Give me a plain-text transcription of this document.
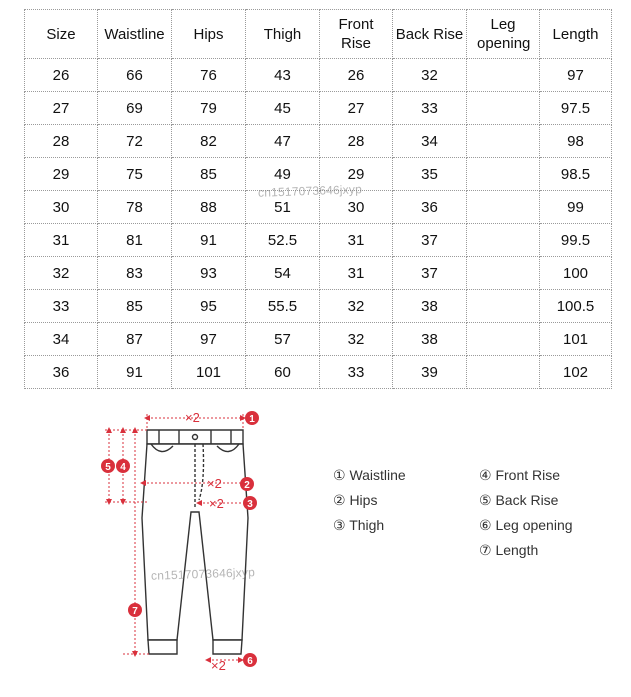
Size	Waistline	Hips	Thigh	Front Rise	Back Rise	Leg opening	Length
26	66	76	43	26	32		97
27	69	79	45	27	33		97.5
28	72	82	47	28	34		98
29	75	85	49	29	35		98.5
30	78	88	51	30	36		99
31	81	91	52.5	31	37		99.5
32	83	93	54	31	37		100
33	85	95	55.5	32	38		100.5
34	87	97	57	32	38		101
36	91	101	60	33	39		102
cn1517073646jxyp
×2
×2
×2
×2
1
2
3
4
5
6
7
cn1517073646jxyp
① Waistline
② Hips
③ Thigh
④ Front Rise
⑤ Back Rise
⑥ Leg opening
⑦ Length
